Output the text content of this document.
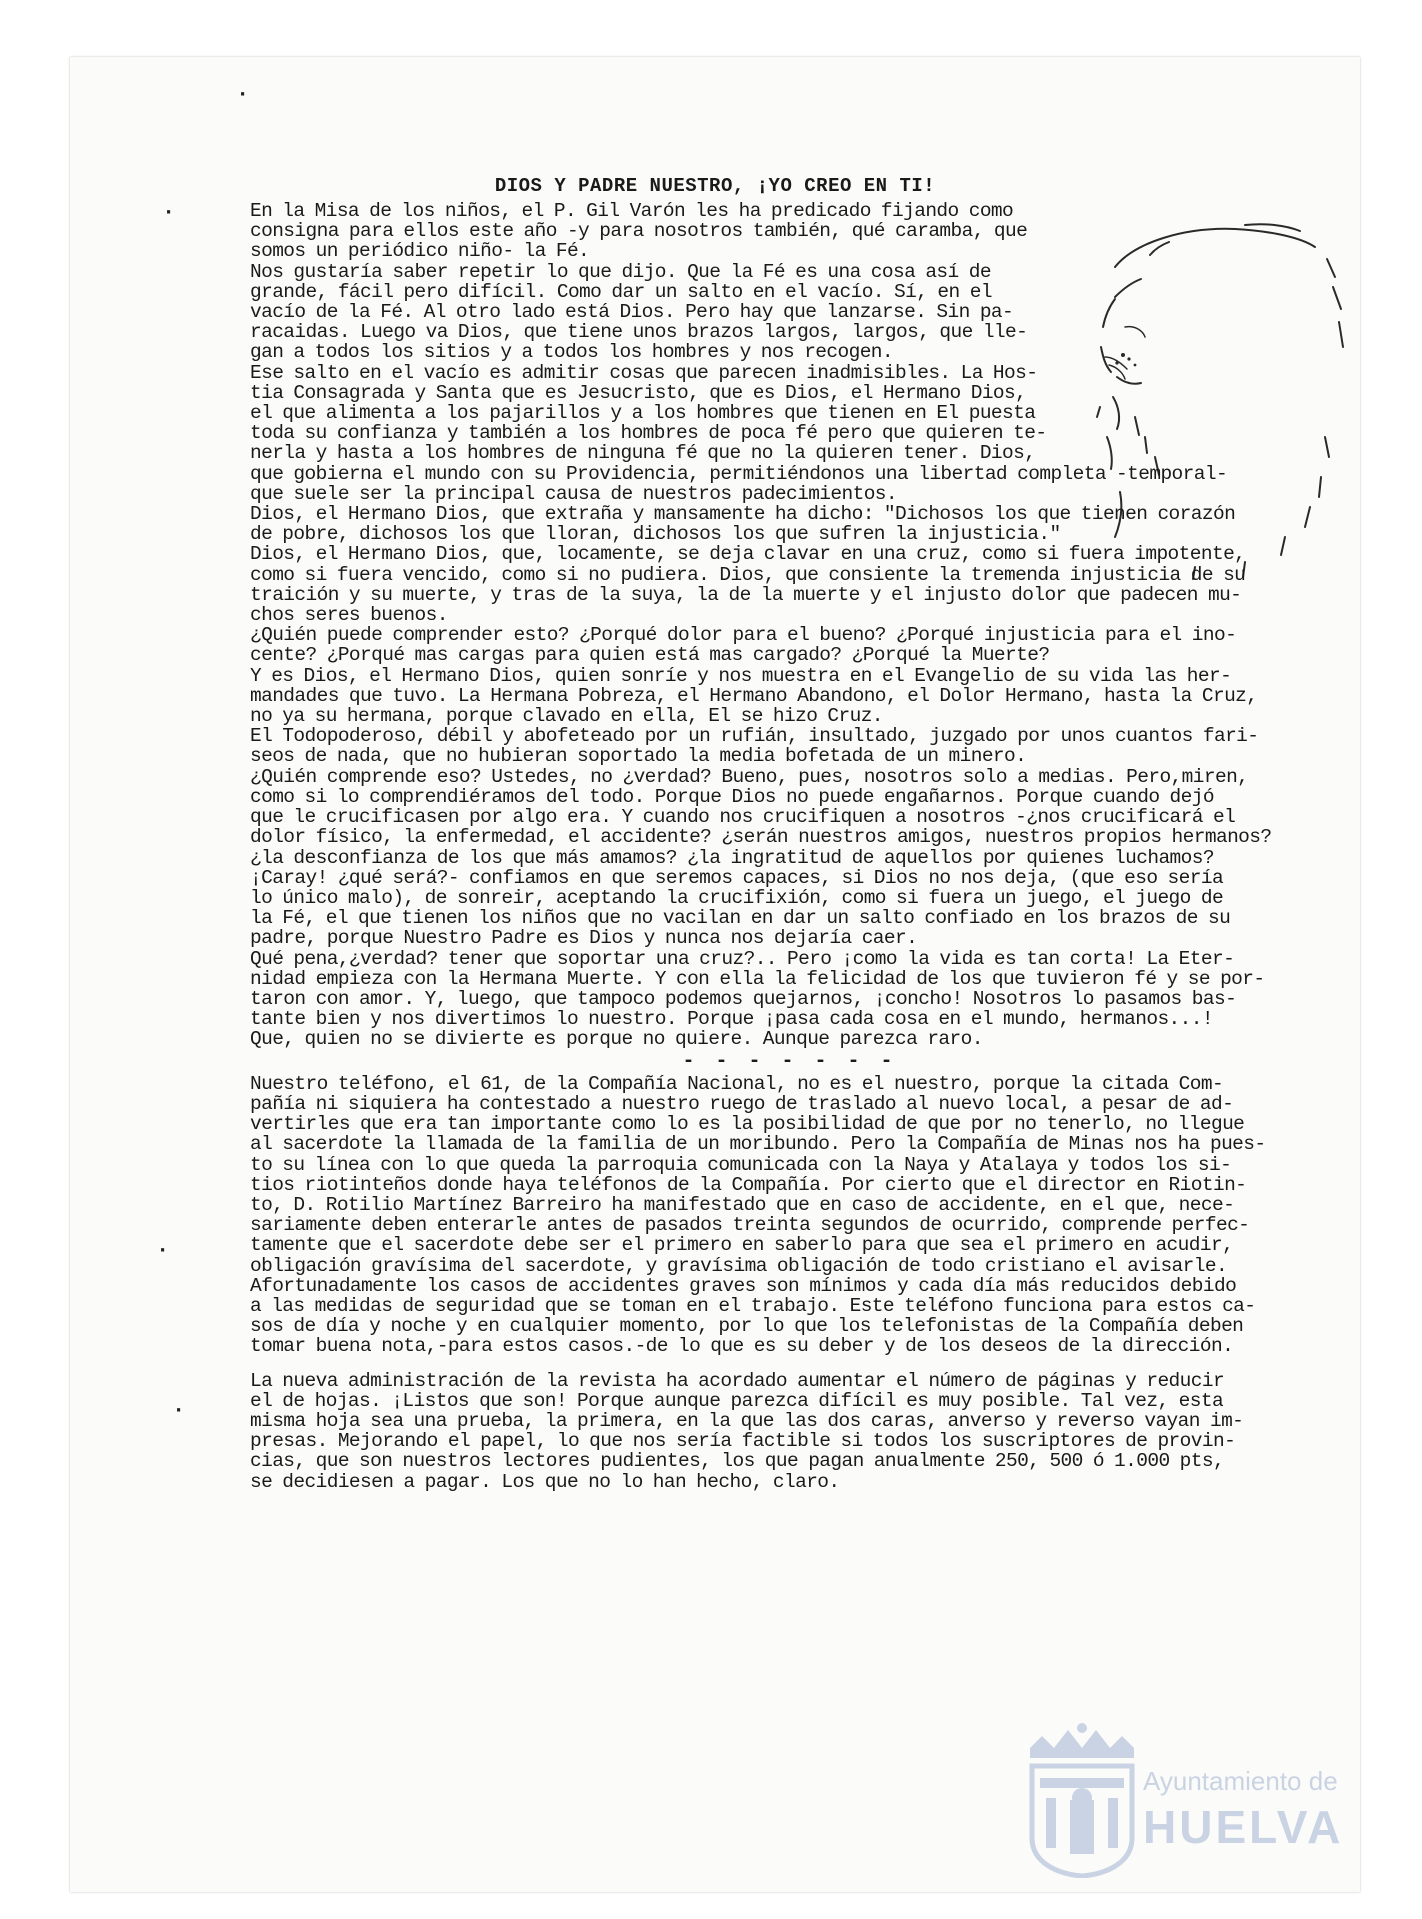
DIOS Y PADRE NUESTRO, ¡YO CREO EN TI!
En la Misa de los niños, el P. Gil Varón les ha predicado fijando como
consigna para ellos este año -y para nosotros también, qué caramba, que
somos un periódico niño- la Fé.
Nos gustaría saber repetir lo que dijo. Que la Fé es una cosa así de
grande, fácil pero difícil. Como dar un salto en el vacío. Sí, en el
vacío de la Fé. Al otro lado está Dios. Pero hay que lanzarse. Sin pa-
racaidas. Luego va Dios, que tiene unos brazos largos, largos, que lle-
gan a todos los sitios y a todos los hombres y nos recogen.
Ese salto en el vacío es admitir cosas que parecen inadmisibles. La Hos-
tia Consagrada y Santa que es Jesucristo, que es Dios, el Hermano Dios,
el que alimenta a los pajarillos y a los hombres que tienen en El puesta
toda su confianza y también a los hombres de poca fé pero que quieren te-
nerla y hasta a los hombres de ninguna fé que no la quieren tener. Dios,
que gobierna el mundo con su Providencia, permitiéndonos una libertad completa -temporal-
que suele ser la principal causa de nuestros padecimientos.
Dios, el Hermano Dios, que extraña y mansamente ha dicho: "Dichosos los que tienen corazón
de pobre, dichosos los que lloran, dichosos los que sufren la injusticia."
Dios, el Hermano Dios, que, locamente, se deja clavar en una cruz, como si fuera impotente,
como si fuera vencido, como si no pudiera. Dios, que consiente la tremenda injusticia de su
traición y su muerte, y tras de la suya, la de la muerte y el injusto dolor que padecen mu-
chos seres buenos.
¿Quién puede comprender esto? ¿Porqué dolor para el bueno? ¿Porqué injusticia para el ino-
cente? ¿Porqué mas cargas para quien está mas cargado? ¿Porqué la Muerte?
Y es Dios, el Hermano Dios, quien sonríe y nos muestra en el Evangelio de su vida las her-
mandades que tuvo. La Hermana Pobreza, el Hermano Abandono, el Dolor Hermano, hasta la Cruz,
no ya su hermana, porque clavado en ella, El se hizo Cruz.
El Todopoderoso, débil y abofeteado por un rufián, insultado, juzgado por unos cuantos fari-
seos de nada, que no hubieran soportado la media bofetada de un minero.
¿Quién comprende eso? Ustedes, no ¿verdad? Bueno, pues, nosotros solo a medias. Pero,miren,
como si lo comprendiéramos del todo. Porque Dios no puede engañarnos. Porque cuando dejó
que le crucificasen por algo era. Y cuando nos crucifiquen a nosotros -¿nos crucificará el
dolor físico, la enfermedad, el accidente? ¿serán nuestros amigos, nuestros propios hermanos?
¿la desconfianza de los que más amamos? ¿la ingratitud de aquellos por quienes luchamos?
¡Caray! ¿qué será?- confiamos en que seremos capaces, si Dios no nos deja, (que eso sería
lo único malo), de sonreir, aceptando la crucifixión, como si fuera un juego, el juego de
la Fé, el que tienen los niños que no vacilan en dar un salto confiado en los brazos de su
padre, porque Nuestro Padre es Dios y nunca nos dejaría caer.
Qué pena,¿verdad? tener que soportar una cruz?.. Pero ¡como la vida es tan corta! La Eter-
nidad empieza con la Hermana Muerte. Y con ella la felicidad de los que tuvieron fé y se por-
taron con amor. Y, luego, que tampoco podemos quejarnos, ¡concho! Nosotros lo pasamos bas-
tante bien y nos divertimos lo nuestro. Porque ¡pasa cada cosa en el mundo, hermanos...!
Que, quien no se divierte es porque no quiere. Aunque parezca raro.
- - - - - - -
Nuestro teléfono, el 61, de la Compañía Nacional, no es el nuestro, porque la citada Com-
pañía ni siquiera ha contestado a nuestro ruego de traslado al nuevo local, a pesar de ad-
vertirles que era tan importante como lo es la posibilidad de que por no tenerlo, no llegue
al sacerdote la llamada de la familia de un moribundo. Pero la Compañía de Minas nos ha pues-
to su línea con lo que queda la parroquia comunicada con la Naya y Atalaya y todos los si-
tios riotinteños donde haya teléfonos de la Compañía. Por cierto que el director en Riotin-
to, D. Rotilio Martínez Barreiro ha manifestado que en caso de accidente, en el que, nece-
sariamente deben enterarle antes de pasados treinta segundos de ocurrido, comprende perfec-
tamente que el sacerdote debe ser el primero en saberlo para que sea el primero en acudir,
obligación gravísima del sacerdote, y gravísima obligación de todo cristiano el avisarle.
Afortunadamente los casos de accidentes graves son mínimos y cada día más reducidos debido
a las medidas de seguridad que se toman en el trabajo. Este teléfono funciona para estos ca-
sos de día y noche y en cualquier momento, por lo que los telefonistas de la Compañía deben
tomar buena nota,-para estos casos.-de lo que es su deber y de los deseos de la dirección.
La nueva administración de la revista ha acordado aumentar el número de páginas y reducir
el de hojas. ¡Listos que son! Porque aunque parezca difícil es muy posible. Tal vez, esta
misma hoja sea una prueba, la primera, en la que las dos caras, anverso y reverso vayan im-
presas. Mejorando el papel, lo que nos sería factible si todos los suscriptores de provin-
cias, que son nuestros lectores pudientes, los que pagan anualmente 250, 500 ó 1.000 pts,
se decidiesen a pagar. Los que no lo han hecho, claro.
·
·
·
·
Ayuntamiento de
HUELVA
